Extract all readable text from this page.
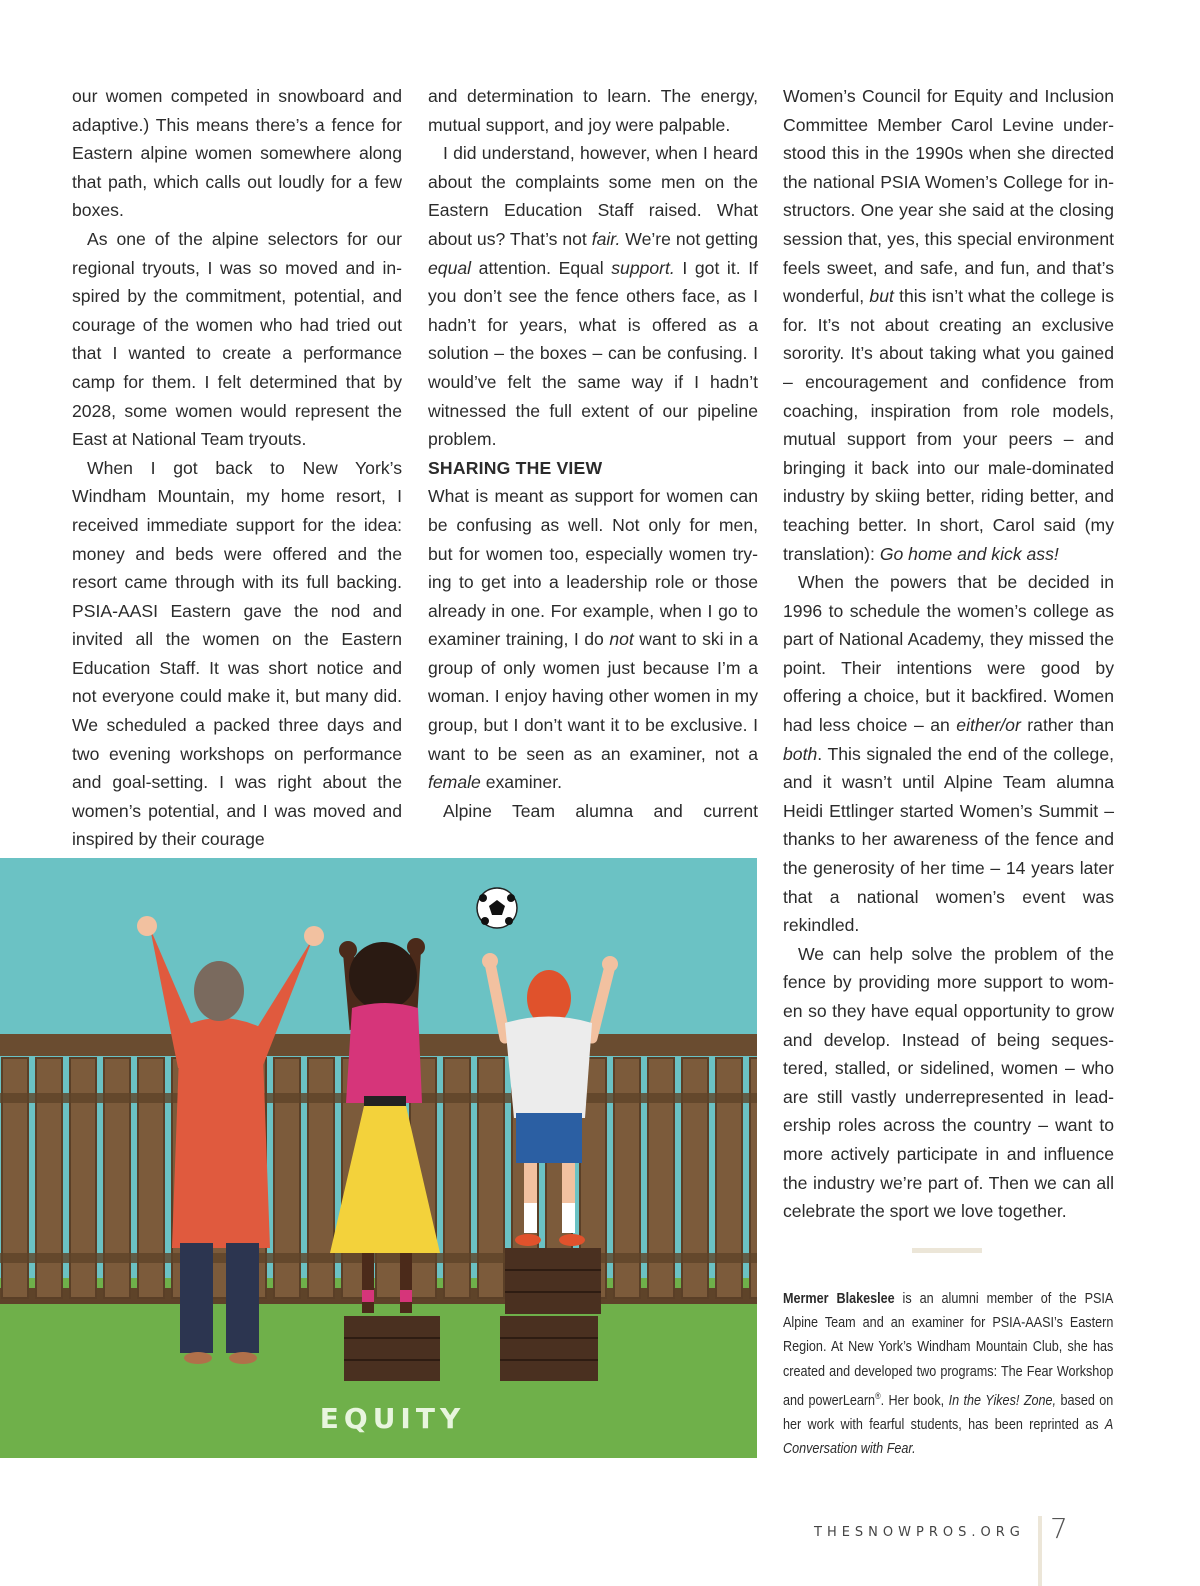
our women competed in snowboard and adaptive.) This means there’s a fence for Eastern alpine women somewhere along that path, which calls out loudly for a few boxes.

As one of the alpine selectors for our regional tryouts, I was so moved and inspired by the commitment, potential, and courage of the women who had tried out that I wanted to create a performance camp for them. I felt determined that by 2028, some women would represent the East at National Team tryouts.

When I got back to New York’s Windham Mountain, my home resort, I received immediate support for the idea: money and beds were offered and the resort came through with its full backing. PSIA-AASI Eastern gave the nod and invited all the women on the Eastern Education Staff. It was short notice and not everyone could make it, but many did. We scheduled a packed three days and two evening workshops on performance and goal-setting. I was right about the women’s potential, and I was moved and inspired by their courage

and determination to learn. The energy, mutual support, and joy were palpable.

I did understand, however, when I heard about the complaints some men on the Eastern Education Staff raised. What about us? That’s not fair. We’re not getting equal attention. Equal support. I got it. If you don’t see the fence others face, as I hadn’t for years, what is offered as a solution – the boxes – can be confusing. I would’ve felt the same way if I hadn’t witnessed the full extent of our pipeline problem.

SHARING THE VIEW

What is meant as support for women can be confusing as well. Not only for men, but for women too, especially women trying to get into a leadership role or those already in one. For example, when I go to examiner training, I do not want to ski in a group of only women just because I’m a woman. I enjoy having other women in my group, but I don’t want it to be exclusive. I want to be seen as an examiner, not a female examiner.

Alpine Team alumna and current

Women’s Council for Equity and Inclusion Committee Member Carol Levine understood this in the 1990s when she directed the national PSIA Women’s College for instructors. One year she said at the closing session that, yes, this special environment feels sweet, and safe, and fun, and that’s wonderful, but this isn’t what the college is for. It’s not about creating an exclusive sorority. It’s about taking what you gained – encouragement and confidence from coaching, inspiration from role models, mutual support from your peers – and bringing it back into our male-dominated industry by skiing better, riding better, and teaching better. In short, Carol said (my translation): Go home and kick ass!

When the powers that be decided in 1996 to schedule the women’s college as part of National Academy, they missed the point. Their intentions were good by offering a choice, but it backfired. Women had less choice – an either/or rather than both. This signaled the end of the college, and it wasn’t until Alpine Team alumna Heidi Ettlinger started Women’s Summit – thanks to her awareness of the fence and the generosity of her time – 14 years later that a national women’s event was rekindled.

We can help solve the problem of the fence by providing more support to women so they have equal opportunity to grow and develop. Instead of being sequestered, stalled, or sidelined, women – who are still vastly underrepresented in leadership roles across the country – want to more actively participate in and influence the industry we’re part of. Then we can all celebrate the sport we love together.

EQUITY
Mermer Blakeslee is an alumni member of the PSIA Alpine Team and an examiner for PSIA-AASI’s Eastern Region. At New York’s Windham Mountain Club, she has created and developed two programs: The Fear Workshop and powerLearn®. Her book, In the Yikes! Zone, based on her work with fearful students, has been reprinted as A Conversation with Fear.
THESNOWPROS.ORG 7
